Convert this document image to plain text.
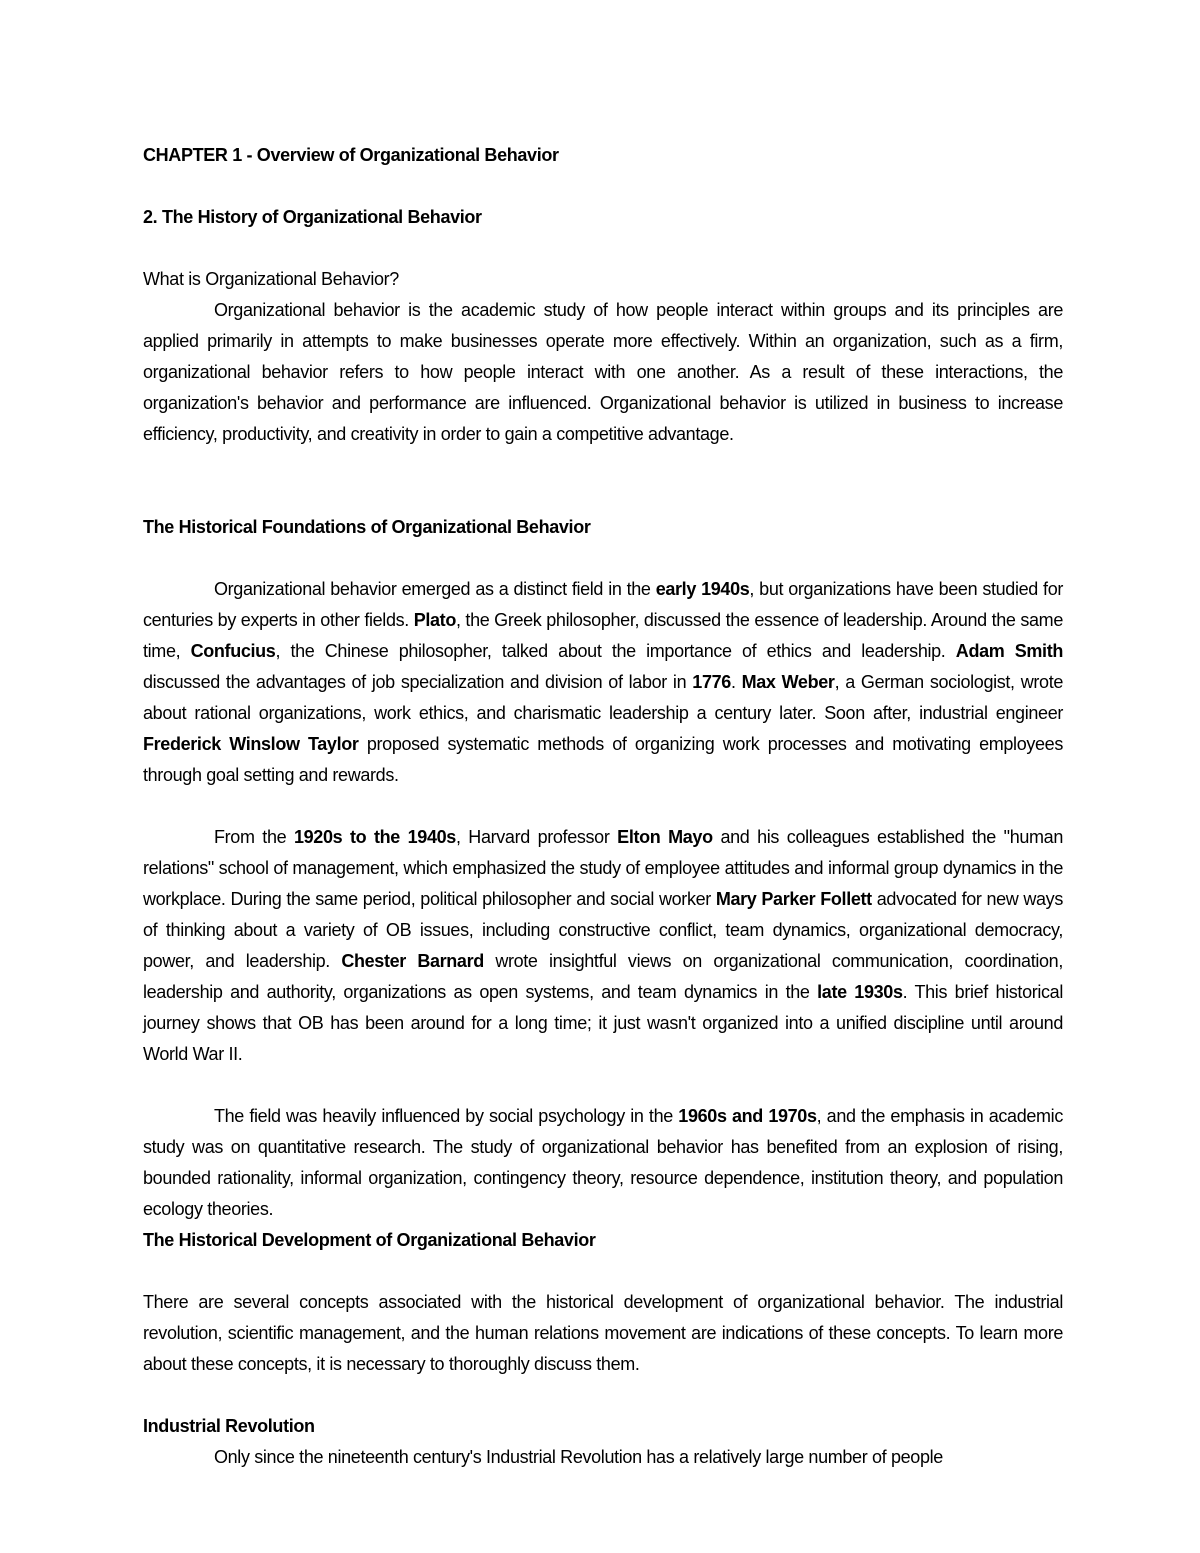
CHAPTER 1 - Overview of Organizational Behavior
2. The History of Organizational Behavior
What is Organizational Behavior?

Organizational behavior is the academic study of how people interact within groups and its principles are applied primarily in attempts to make businesses operate more effectively. Within an organization, such as a firm, organizational behavior refers to how people interact with one another. As a result of these interactions, the organization's behavior and performance are influenced. Organizational behavior is utilized in business to increase efficiency, productivity, and creativity in order to gain a competitive advantage.

The Historical Foundations of Organizational Behavior

Organizational behavior emerged as a distinct field in the early 1940s, but organizations have been studied for centuries by experts in other fields. Plato, the Greek philosopher, discussed the essence of leadership. Around the same time, Confucius, the Chinese philosopher, talked about the importance of ethics and leadership. Adam Smith discussed the advantages of job specialization and division of labor in 1776. Max Weber, a German sociologist, wrote about rational organizations, work ethics, and charismatic leadership a century later. Soon after, industrial engineer Frederick Winslow Taylor proposed systematic methods of organizing work processes and motivating employees through goal setting and rewards.

From the 1920s to the 1940s, Harvard professor Elton Mayo and his colleagues established the "human relations" school of management, which emphasized the study of employee attitudes and informal group dynamics in the workplace. During the same period, political philosopher and social worker Mary Parker Follett advocated for new ways of thinking about a variety of OB issues, including constructive conflict, team dynamics, organizational democracy, power, and leadership. Chester Barnard wrote insightful views on organizational communication, coordination, leadership and authority, organizations as open systems, and team dynamics in the late 1930s. This brief historical journey shows that OB has been around for a long time; it just wasn't organized into a unified discipline until around World War II.

The field was heavily influenced by social psychology in the 1960s and 1970s, and the emphasis in academic study was on quantitative research. The study of organizational behavior has benefited from an explosion of rising, bounded rationality, informal organization, contingency theory, resource dependence, institution theory, and population ecology theories.

The Historical Development of Organizational Behavior

There are several concepts associated with the historical development of organizational behavior. The industrial revolution, scientific management, and the human relations movement are indications of these concepts. To learn more about these concepts, it is necessary to thoroughly discuss them.

Industrial Revolution

Only since the nineteenth century's Industrial Revolution has a relatively large number of people
